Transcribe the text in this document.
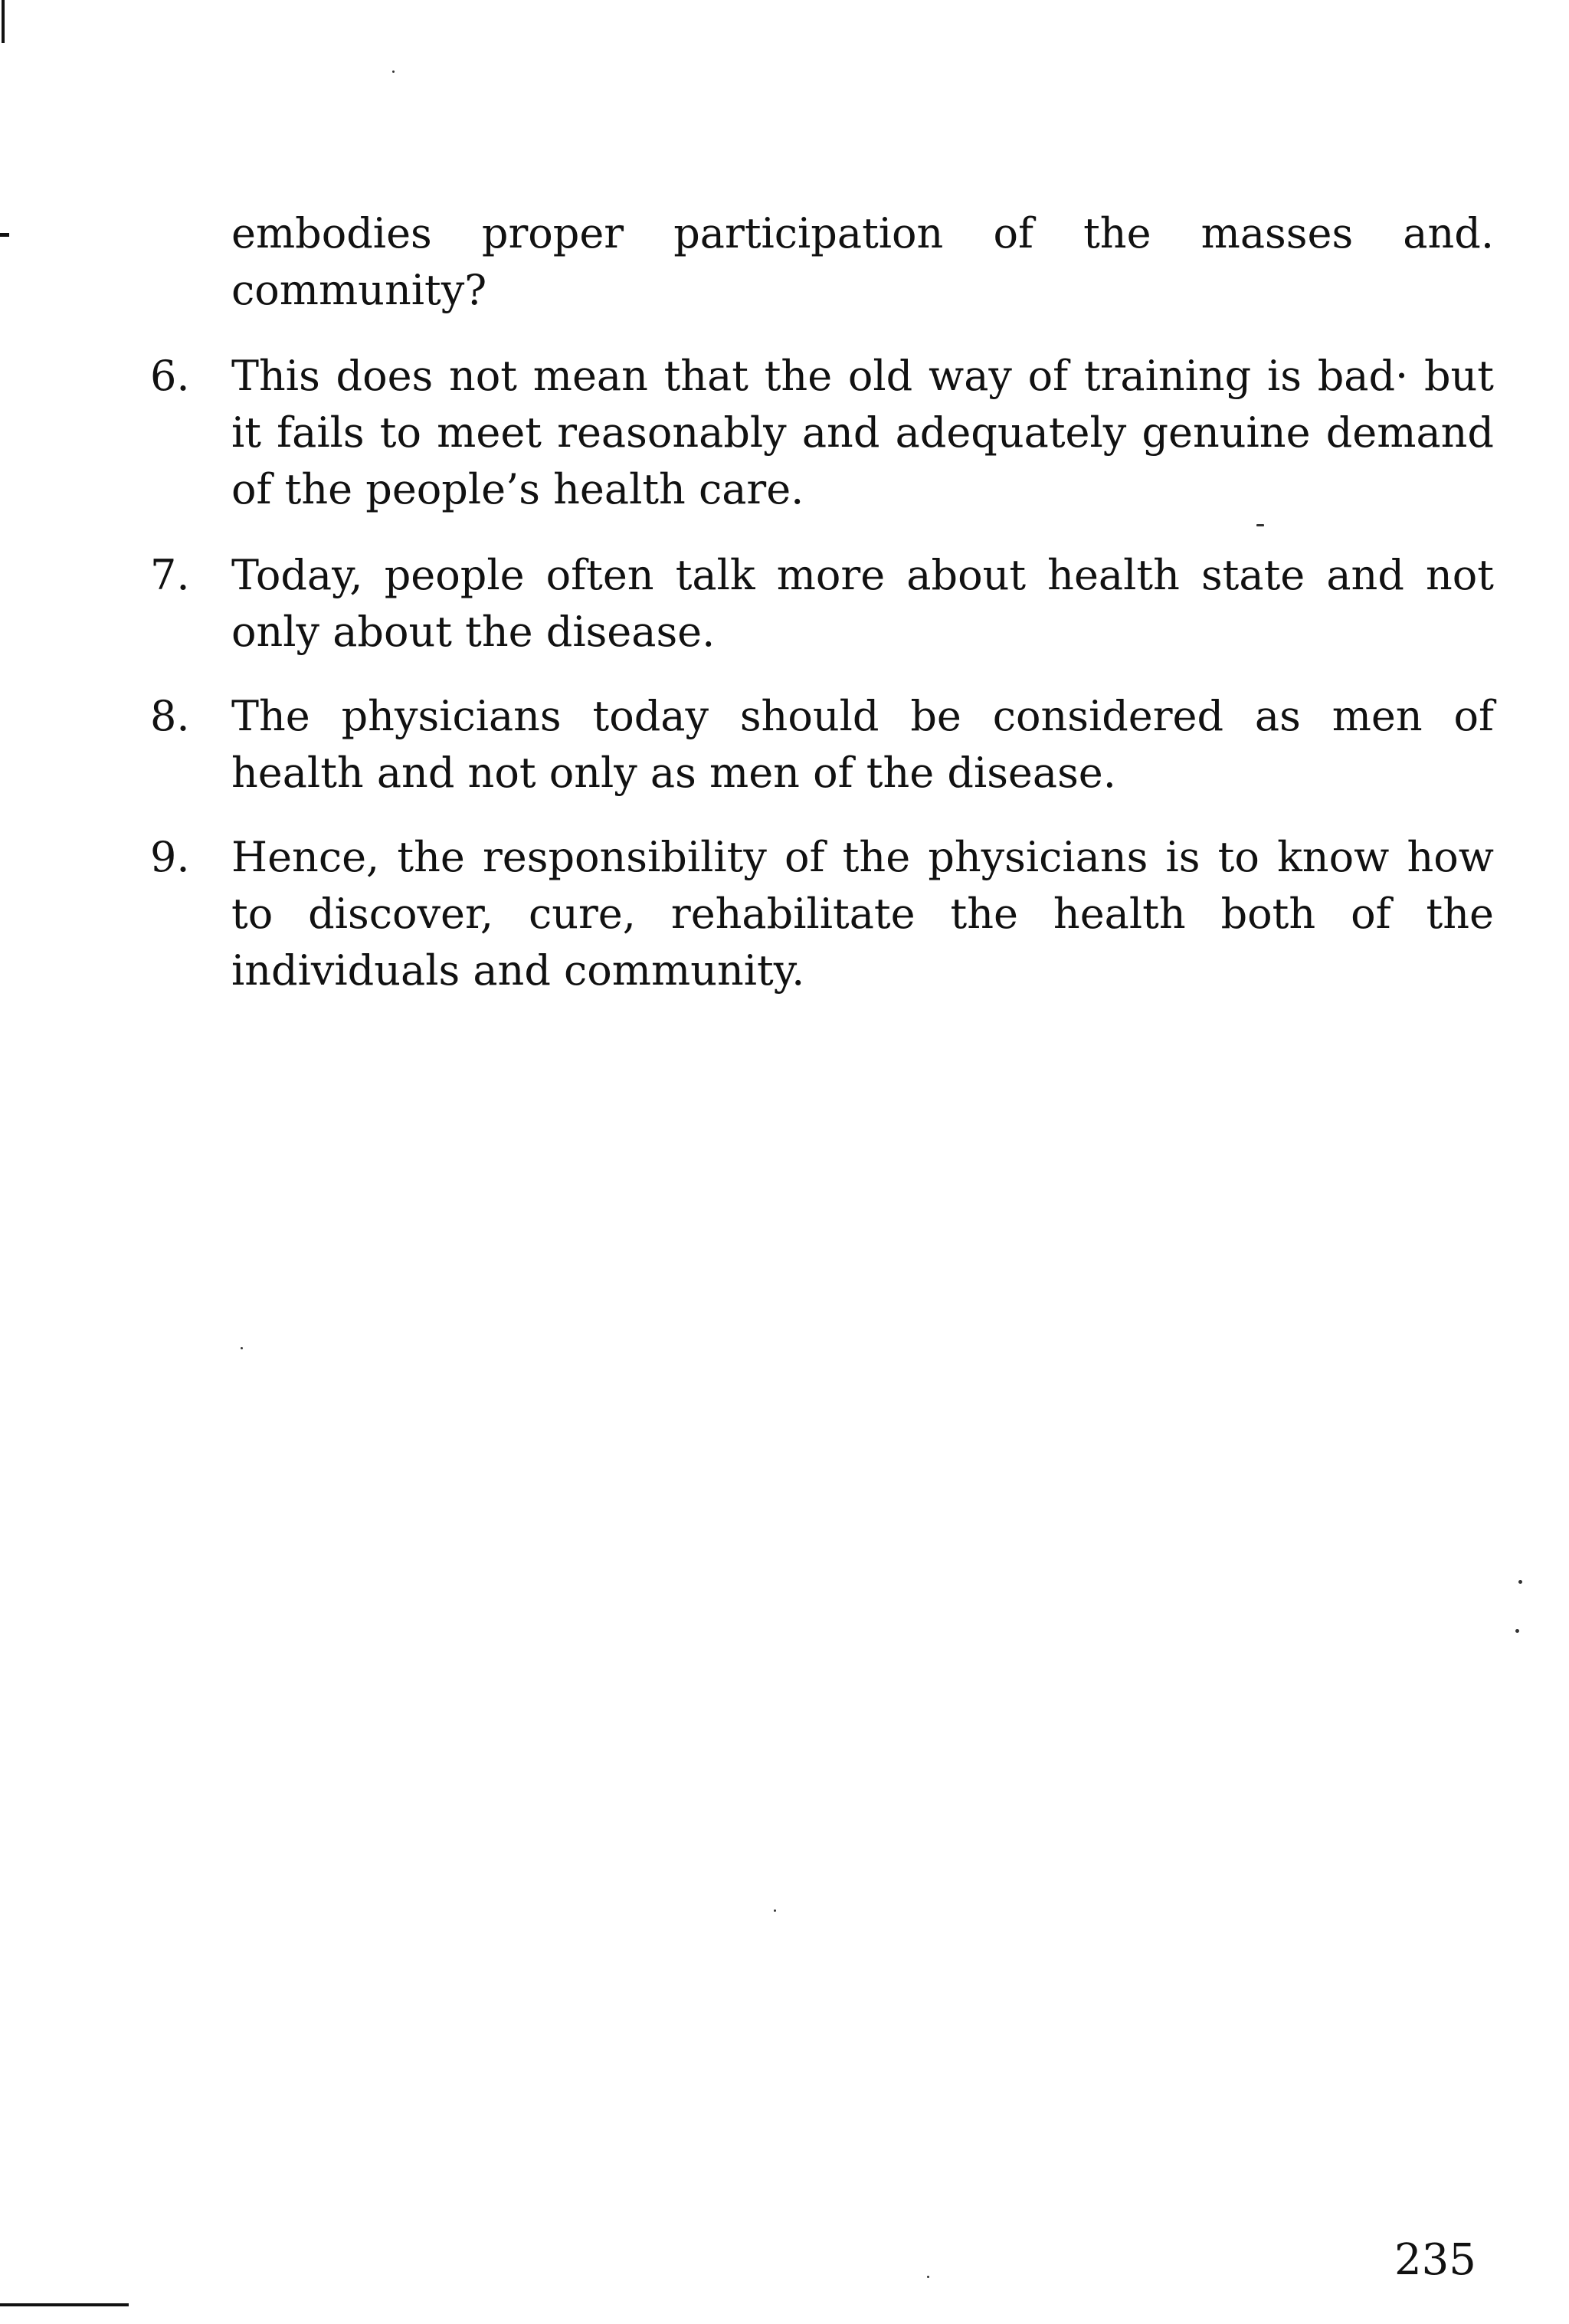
embodies proper participation of the masses and. community?
6.	This does not mean that the old way of training is bad· but it fails to meet reasonably and adequately genuine demand of the people’s health care.
7.	Today, people often talk more about health state and not only about the disease.
8.	The physicians today should be considered as men of health and not only as men of the disease.
9.	Hence, the responsibility of the physicians is to know how to discover, cure, rehabilitate the health both of the individuals and community.
235
